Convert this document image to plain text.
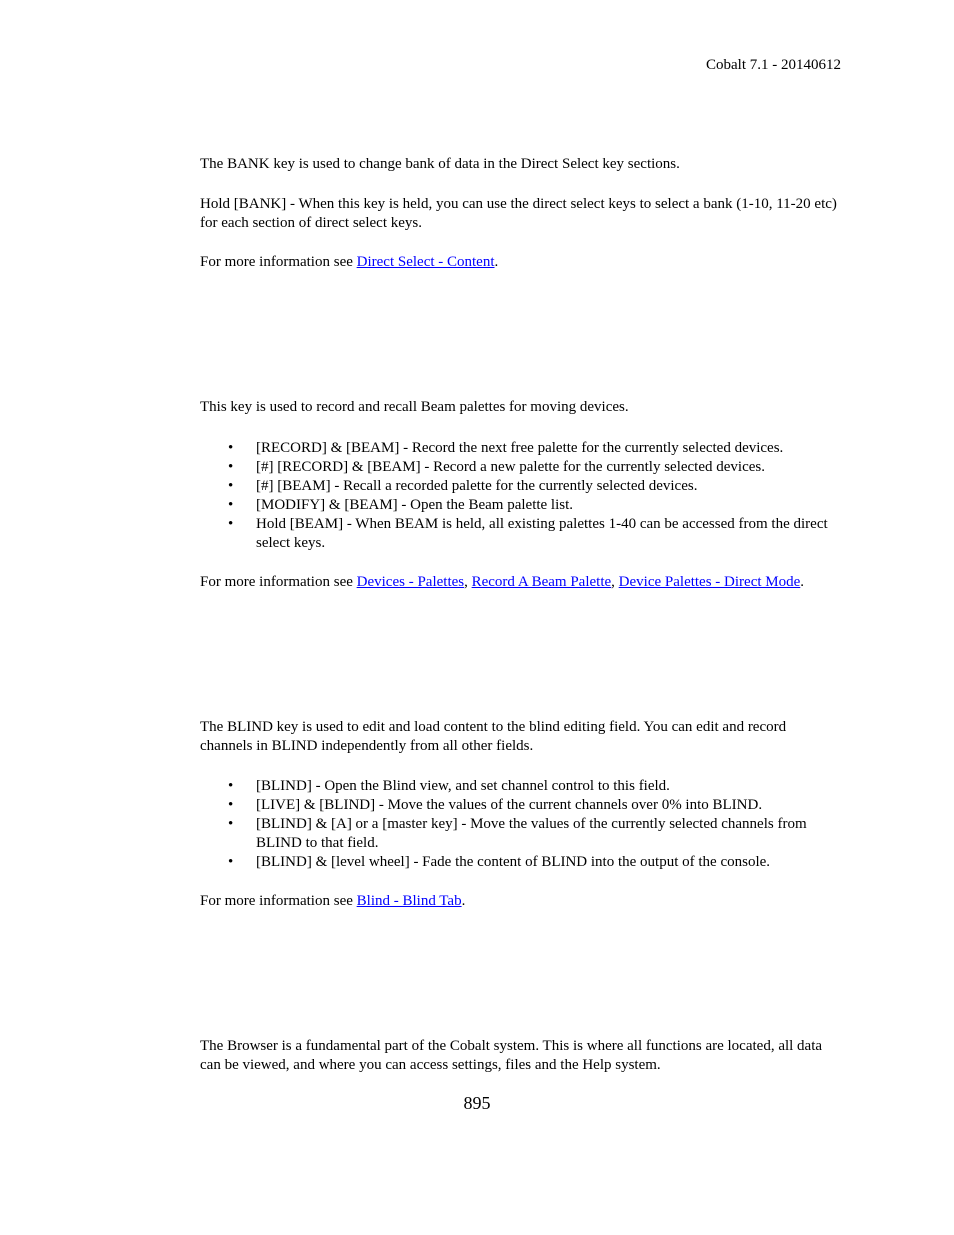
Cobalt 7.1 - 20140612

The BANK key is used to change bank of data in the Direct Select key sections.

Hold [BANK] - When this key is held, you can use the direct select keys to select a bank (1-10, 11-20 etc) for each section of direct select keys.

For more information see Direct Select - Content.

This key is used to record and recall Beam palettes for moving devices.

• [RECORD] & [BEAM] - Record the next free palette for the currently selected devices.
• [#] [RECORD] & [BEAM] - Record a new palette for the currently selected devices.
• [#] [BEAM] - Recall a recorded palette for the currently selected devices.
• [MODIFY] & [BEAM] - Open the Beam palette list.
• Hold [BEAM] - When BEAM is held, all existing palettes 1-40 can be accessed from the direct select keys.

For more information see Devices - Palettes, Record A Beam Palette, Device Palettes - Direct Mode.

The BLIND key is used to edit and load content to the blind editing field. You can edit and record channels in BLIND independently from all other fields.

• [BLIND] - Open the Blind view, and set channel control to this field.
• [LIVE] & [BLIND] - Move the values of the current channels over 0% into BLIND.
• [BLIND] & [A] or a [master key] - Move the values of the currently selected channels from BLIND to that field.
• [BLIND] & [level wheel] - Fade the content of BLIND into the output of the console.

For more information see Blind - Blind Tab.

The Browser is a fundamental part of the Cobalt system. This is where all functions are located, all data can be viewed, and where you can access settings, files and the Help system.

895
